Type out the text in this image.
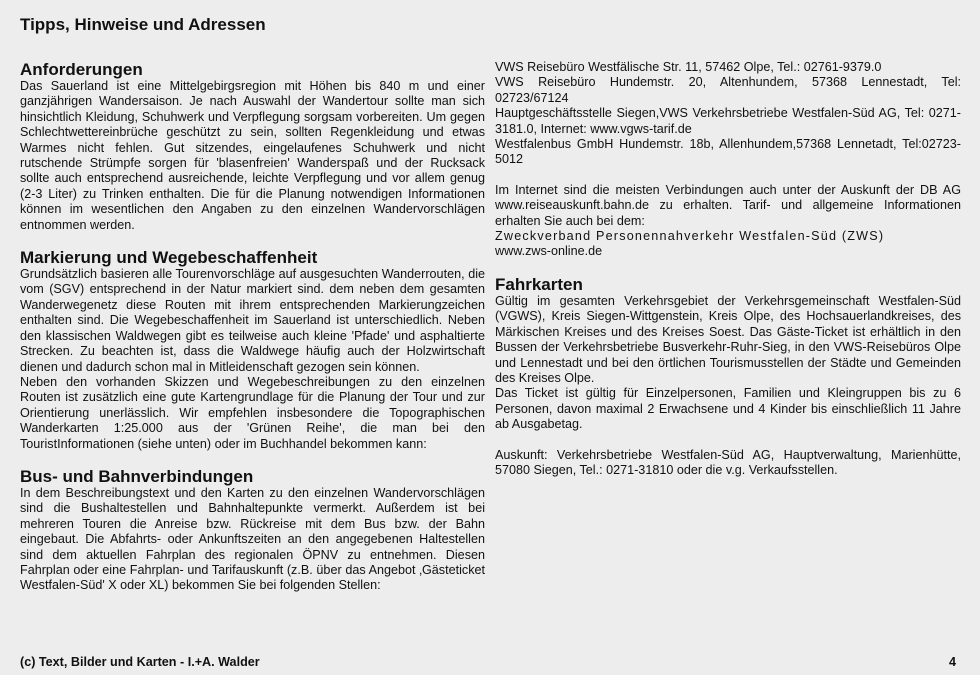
Tipps, Hinweise und Adressen
Anforderungen

Das Sauerland ist eine Mittelgebirgsregion mit Höhen bis 840 m und einer ganzjährigen Wandersaison. Je nach Auswahl der Wandertour sollte man sich hinsichtlich Kleidung, Schuhwerk und Verpflegung sorgsam vorbereiten. Um gegen Schlechtwettereinbrüche geschützt zu sein, sollten Regenkleidung und etwas Warmes nicht fehlen. Gut sitzendes, eingelaufenes Schuhwerk und nicht rutschende Strümpfe sorgen für 'blasenfreien' Wanderspaß und der Rucksack sollte auch entsprechend ausreichende, leichte Verpflegung und vor allem genug (2-3 Liter) zu Trinken enthalten. Die für die Planung notwendigen Informationen können im wesentlichen den Angaben zu den einzelnen Wandervorschlägen entnommen werden.

Markierung und Wegebeschaffenheit

Grundsätzlich basieren alle Tourenvorschläge auf ausgesuchten Wanderrouten, die vom (SGV) entsprechend in der Natur markiert sind. dem neben dem gesamten Wanderwegenetz diese Routen mit ihrem entsprechenden Markierungzeichen enthalten sind. Die Wegebeschaffenheit im Sauerland ist unterschiedlich. Neben den klassischen Waldwegen gibt es teilweise auch kleine 'Pfade' und asphaltierte Strecken. Zu beachten ist, dass die Waldwege häufig auch der Holzwirtschaft dienen und dadurch schon mal in Mitleidenschaft gezogen sein können.

Neben den vorhanden Skizzen und Wegebeschreibungen zu den einzelnen Routen ist zusätzlich eine gute Kartengrundlage für die Planung der Tour und zur Orientierung unerlässlich. Wir empfehlen insbesondere die Topographischen Wanderkarten 1:25.000 aus der 'Grünen Reihe', die man bei den TouristInformationen (siehe unten) oder im Buchhandel bekommen kann:

Bus- und Bahnverbindungen

In dem Beschreibungstext und den Karten zu den einzelnen Wandervorschlägen sind die Bushaltestellen und Bahnhaltepunkte vermerkt. Außerdem ist bei mehreren Touren die Anreise bzw. Rückreise mit dem Bus bzw. der Bahn eingebaut. Die Abfahrts- oder Ankunftszeiten an den angegebenen Haltestellen sind dem aktuellen Fahrplan des regionalen ÖPNV zu entnehmen. Diesen Fahrplan oder eine Fahrplan- und Tarifauskunft (z.B. über das Angebot ‚Gästeticket Westfalen-Süd' X oder XL) bekommen Sie bei folgenden Stellen:

VWS Reisebüro Westfälische Str. 11, 57462 Olpe, Tel.: 02761-9379.0

VWS Reisebüro Hundemstr. 20, Altenhundem, 57368 Lennestadt, Tel: 02723/67124

Hauptgeschäftsstelle Siegen,VWS Verkehrsbetriebe Westfalen-Süd AG, Tel: 0271-3181.0, Internet: www.vgws-tarif.de

Westfalenbus GmbH Hundemstr. 18b, Allenhundem,57368 Lennetadt, Tel:02723-5012

Im Internet sind die meisten Verbindungen auch unter der Auskunft der DB AG www.reiseauskunft.bahn.de zu erhalten. Tarif- und allgemeine Informationen erhalten Sie auch bei dem:

Zweckverband Personennahverkehr Westfalen-Süd (ZWS)

www.zws-online.de

Fahrkarten

Gültig im gesamten Verkehrsgebiet der Verkehrsgemeinschaft Westfalen-Süd (VGWS), Kreis Siegen-Wittgenstein, Kreis Olpe, des Hochsauerlandkreises, des Märkischen Kreises und des Kreises Soest. Das Gäste-Ticket ist erhältlich in den Bussen der Verkehrsbetriebe Busverkehr-Ruhr-Sieg, in den VWS-Reisebüros Olpe und Lennestadt und bei den örtlichen Tourismusstellen der Städte und Gemeinden des Kreises Olpe.

Das Ticket ist gültig für Einzelpersonen, Familien und Kleingruppen bis zu 6 Personen, davon maximal 2 Erwachsene und 4 Kinder bis einschließlich 11 Jahre ab Ausgabetag.

Auskunft: Verkehrsbetriebe Westfalen-Süd AG, Hauptverwaltung, Marienhütte, 57080 Siegen, Tel.: 0271-31810 oder die v.g. Verkaufsstellen.

(c) Text, Bilder und Karten - I.+A. Walder	4
